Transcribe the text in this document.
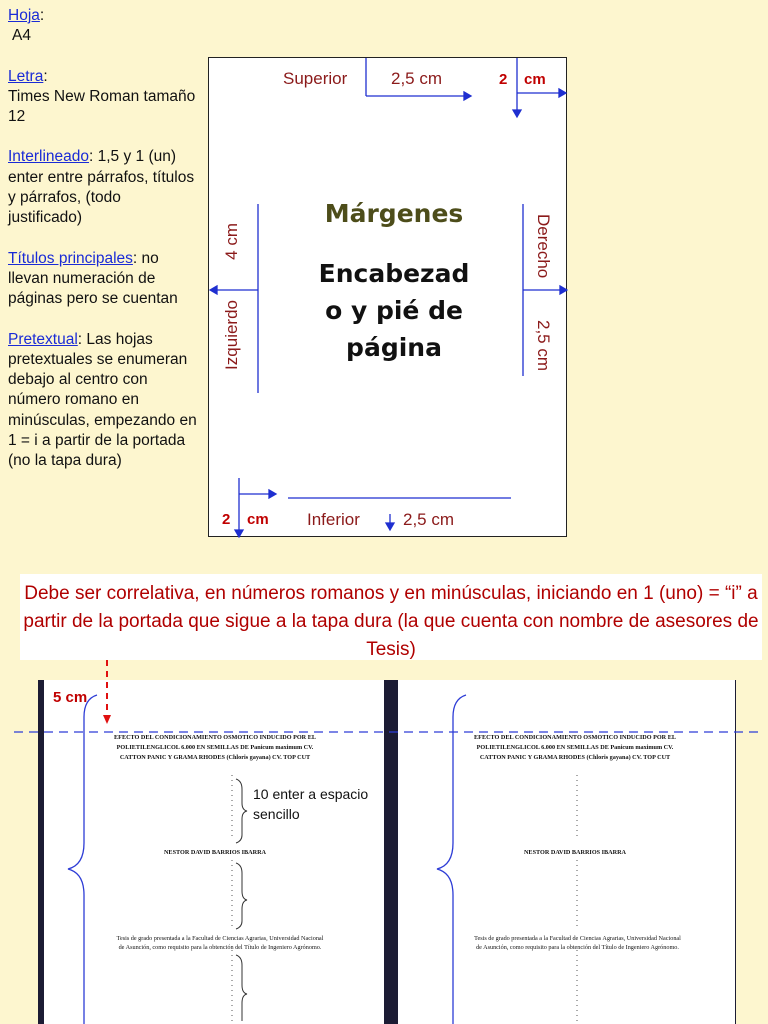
Hoja:
A4

Letra:
Times New Roman tamaño 12

Interlineado: 1,5 y 1 (un) enter entre párrafos, títulos y párrafos, (todo justificado)

Títulos principales: no llevan numeración de páginas pero se cuentan

Pretextual: Las hojas pretextuales se enumeran debajo al centro con número romano en minúsculas, empezando en 1 = i a partir de la portada (no la tapa dura)

Superior	2,5 cm	2 cm
4 cm
Izquierdo
Derecho
2,5 cm
Márgenes
Encabezad
o y pié de
página
2 cm Inferior	2,5 cm
Debe ser correlativa, en números romanos y en minúsculas, iniciando en 1 (uno) = “i” a partir de la portada que sigue a la tapa dura (la que cuenta con nombre de asesores de Tesis)
5 cm
EFECTO DEL CONDICIONAMIENTO OSMOTICO INDUCIDO POR EL
POLIETILENGLICOL 6.000 EN SEMILLAS DE Panicum maximum CV.
CATTON PANIC Y GRAMA RHODES (Chloris gayana) CV. TOP CUT
NESTOR DAVID BARRIOS IBARRA
Tesis de grado presentada a la Facultad de Ciencias Agrarias, Universidad Nacional
de Asunción, como requisito para la obtención del Título de Ingeniero Agrónomo.
10 enter a espacio sencillo
EFECTO DEL CONDICIONAMIENTO OSMOTICO INDUCIDO POR EL
POLIETILENGLICOL 6.000 EN SEMILLAS DE Panicum maximum CV.
CATTON PANIC Y GRAMA RHODES (Chloris gayana) CV. TOP CUT
NESTOR DAVID BARRIOS IBARRA
Tesis de grado presentada a la Facultad de Ciencias Agrarias, Universidad Nacional
de Asunción, como requisito para la obtención del Título de Ingeniero Agrónomo.
